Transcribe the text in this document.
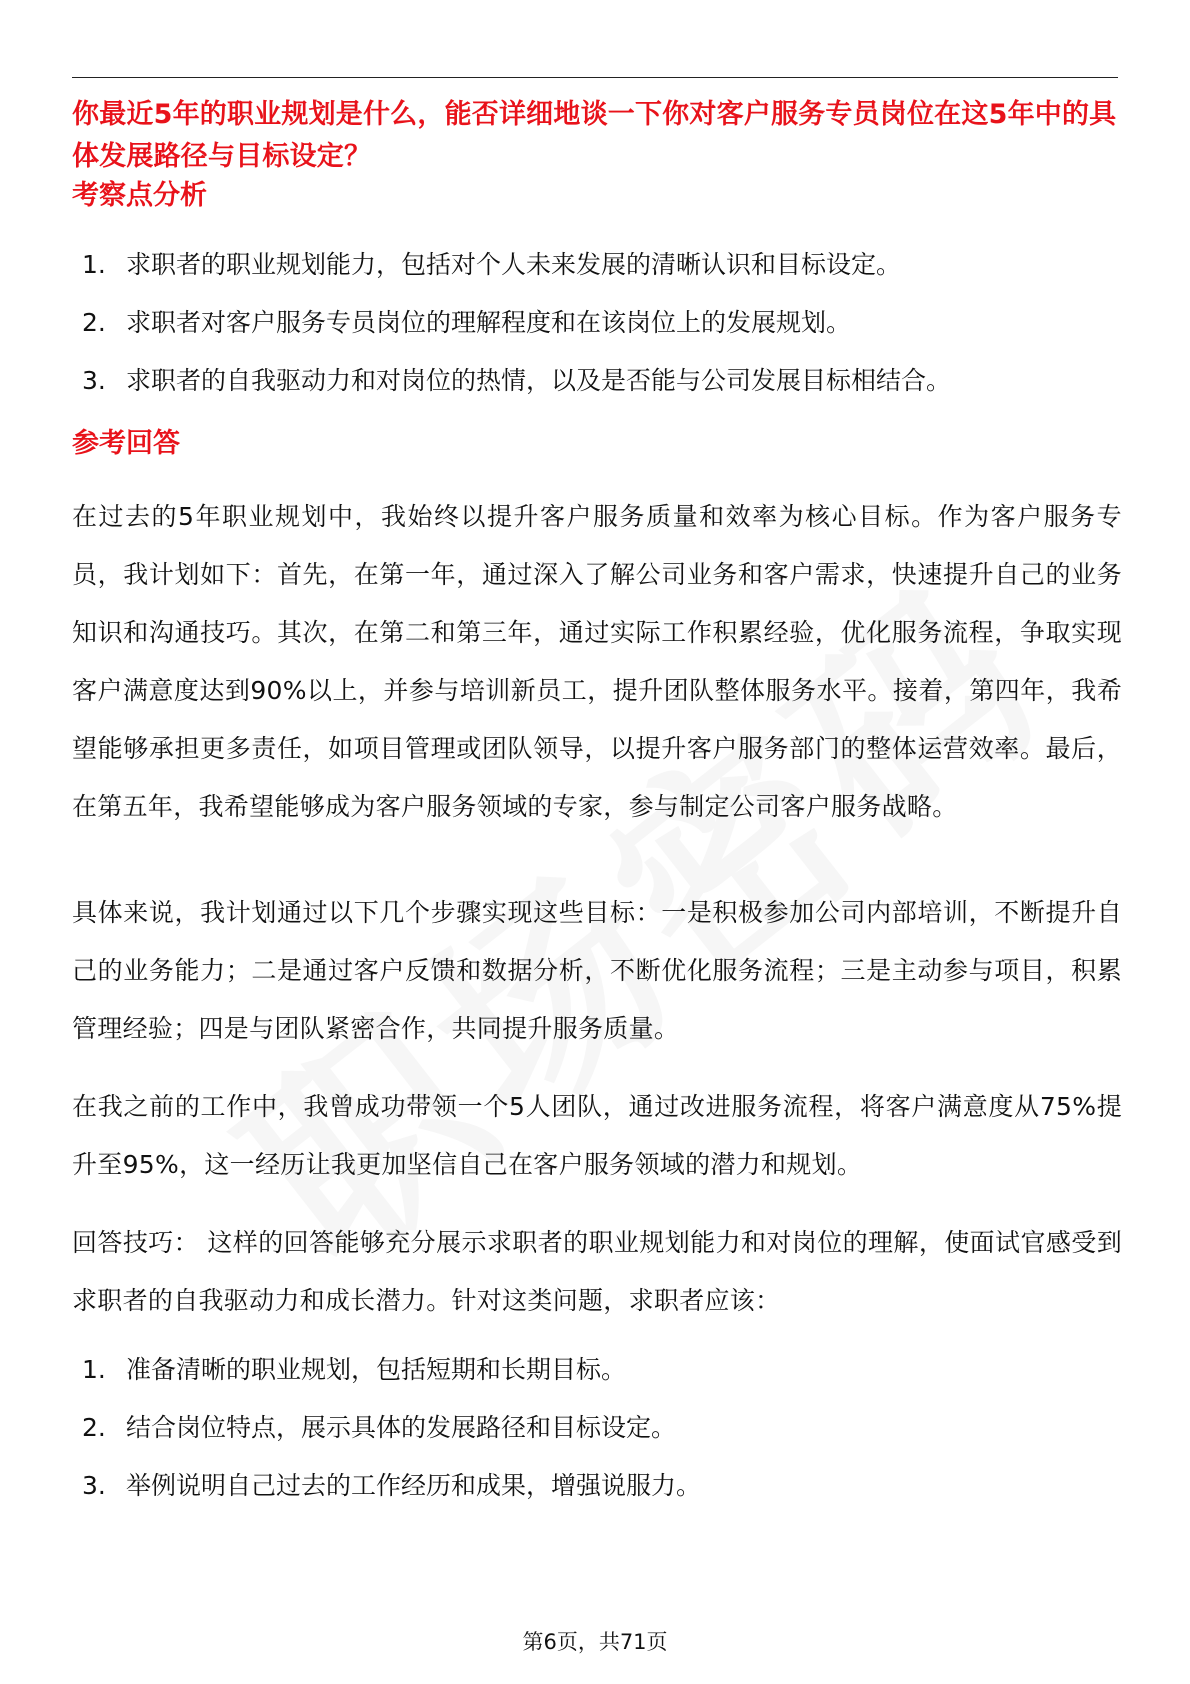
你最近5年的职业规划是什么，能否详细地谈一下你对客户服务专员岗位在这5年中的具体发展路径与目标设定？
考察点分析
1. 求职者的职业规划能力，包括对个人未来发展的清晰认识和目标设定。
2. 求职者对客户服务专员岗位的理解程度和在该岗位上的发展规划。
3. 求职者的自我驱动力和对岗位的热情，以及是否能与公司发展目标相结合。
参考回答

在过去的5年职业规划中，我始终以提升客户服务质量和效率为核心目标。作为客户服务专员，我计划如下：首先，在第一年，通过深入了解公司业务和客户需求，快速提升自己的业务知识和沟通技巧。其次，在第二和第三年，通过实际工作积累经验，优化服务流程，争取实现客户满意度达到90%以上，并参与培训新员工，提升团队整体服务水平。接着，第四年，我希望能够承担更多责任，如项目管理或团队领导，以提升客户服务部门的整体运营效率。最后，在第五年，我希望能够成为客户服务领域的专家，参与制定公司客户服务战略。

具体来说，我计划通过以下几个步骤实现这些目标：一是积极参加公司内部培训，不断提升自己的业务能力；二是通过客户反馈和数据分析，不断优化服务流程；三是主动参与项目，积累管理经验；四是与团队紧密合作，共同提升服务质量。

在我之前的工作中，我曾成功带领一个5人团队，通过改进服务流程，将客户满意度从75%提升至95%，这一经历让我更加坚信自己在客户服务领域的潜力和规划。

回答技巧： 这样的回答能够充分展示求职者的职业规划能力和对岗位的理解，使面试官感受到求职者的自我驱动力和成长潜力。针对这类问题，求职者应该：

1. 准备清晰的职业规划，包括短期和长期目标。
2. 结合岗位特点，展示具体的发展路径和目标设定。
3. 举例说明自己过去的工作经历和成果，增强说服力。
第6页，共71页
